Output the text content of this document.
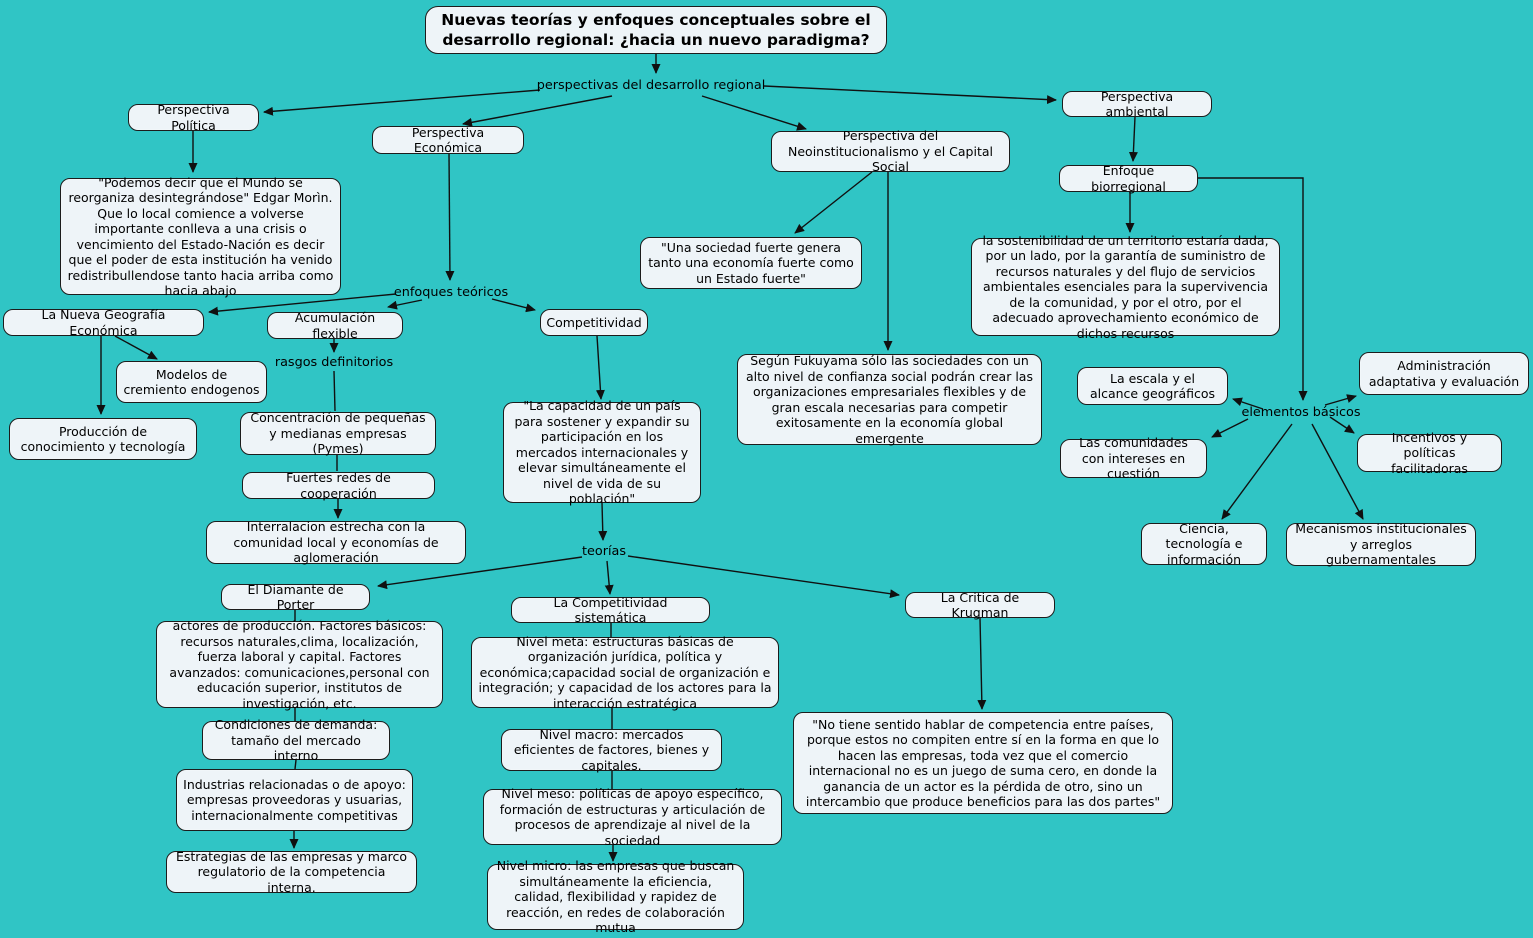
Nuevas teorías y enfoques conceptuales sobre el desarrollo regional: ¿hacia un nuevo paradigma?
perspectivas del desarrollo regional
Perspectiva Política
"Podemos decir que el Mundo se reorganiza desintegrándose" Edgar Morìn. Que lo local comience a volverse importante conlleva a una crisis o vencimiento del Estado-Nación es decir que el poder de esta institución ha venido redistribullendose tanto hacia arriba como hacia abajo
Perspectiva Económica
Perspectiva del Neoinstitucionalismo y el Capital Social
Perspectiva ambiental
Enfoque biorregional
"Una sociedad fuerte genera tanto una economía fuerte como un Estado fuerte"
la sostenibilidad de un territorio estaría dada, por un lado, por la garantía de suministro de recursos naturales y del flujo de servicios ambientales esenciales para la supervivencia de la comunidad, y por el otro, por el adecuado aprovechamiento económico de dichos recursos
Según Fukuyama sólo las sociedades con un alto nivel de confianza social podrán crear las organizaciones empresariales flexibles y de gran escala necesarias para competir exitosamente en la economía global emergente
enfoques teóricos
La Nueva Geografía Económica
Acumulación flexible
Competitividad
rasgos definitorios
Modelos de cremiento endogenos
Producción de conocimiento y tecnología
Concentración de pequeñas y medianas empresas (Pymes)
"La capacidad de un país para sostener y expandir su participación en los mercados internacionales y elevar simultáneamente el nivel de vida de su población"
Fuertes redes de cooperación
Interralacion estrecha con la comunidad local y economías de aglomeración
La escala y el alcance geográficos
Administración adaptativa y evaluación
elementos básicos
Las comunidades con intereses en cuestión
Incentivos y políticas facilitadoras
Ciencia, tecnología e información
Mecanismos institucionales y arreglos gubernamentales
teorías
El Diamante de Porter
actores de producción. Factores básicos: recursos naturales,clima, localización, fuerza laboral y capital. Factores avanzados: comunicaciones,personal con educación superior, institutos de investigación, etc.
Condiciones de demanda: tamaño del mercado interno
Industrias relacionadas o de apoyo: empresas proveedoras y usuarias, internacionalmente competitivas
Estrategias de las empresas y marco regulatorio de la competencia interna.
La Competitividad sistemática
Nivel meta: estructuras básicas de organización jurídica, política y económica;capacidad social de organización e integración; y capacidad de los actores para la interacción estratégica
Nivel macro: mercados eficientes de factores, bienes y capitales.
Nivel meso: políticas de apoyo específico, formación de estructuras y articulación de procesos de aprendizaje al nivel de la sociedad
Nivel micro: las empresas que buscan simultáneamente la eficiencia, calidad, flexibilidad y rapidez de reacción, en redes de colaboración mutua
La Critica de Krugman
"No tiene sentido hablar de competencia entre países, porque estos no compiten entre sí en la forma en que lo hacen las empresas, toda vez que el comercio internacional no es un juego de suma cero, en donde la ganancia de un actor es la pérdida de otro, sino un intercambio que produce beneficios para las dos partes"
